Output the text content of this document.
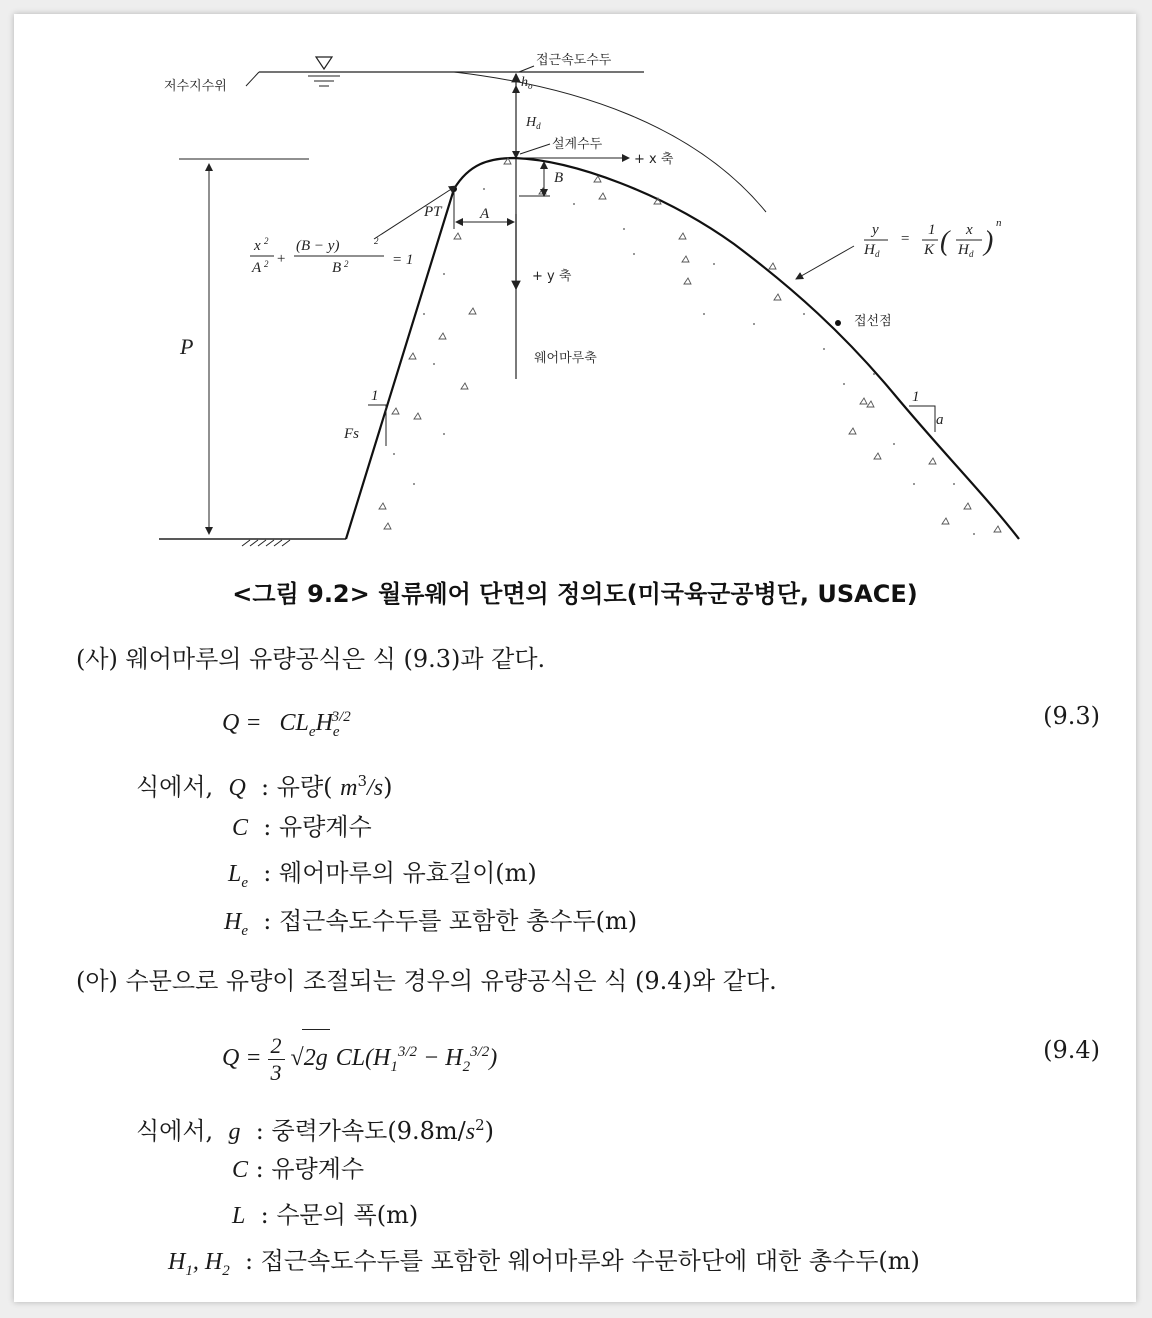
저수지수위
접근속도수두
$h_o$
$H_d$
설계수두
+ y 축
웨어마루축
+ x 축
P
PT	A
B
x 2
A 2 +
(B − y)	2
B 2	= 1
y
H d
=
1
K ( x
H d )
n
접선점
1
Fs
1
a
<그림 9.2> 월류웨어 단면의 정의도(미국육군공병단, USACE)
(사) 웨어마루의 유량공식은 식 (9.3)과 같다.
$Q = CL_eH_e^{3/2}$	(9.3)
식에서, Q  : 유량( $m^3/s$)
C  : 유량계수
$L_e$  : 웨어마루의 유효길이(m)
$H_e$  : 접근속도수두를 포함한 총수두(m)
(아) 수문으로 유량이 조절되는 경우의 유량공식은 식 (9.4)와 같다.
$Q = \frac{2}{3} √2g$ $CL(H_1^{3/2} - H_2^{3/2})$	(9.4)
식에서, g  : 중력가속도$(9.8m/s^2)$
C : 유량계수
L  : 수문의 폭(m)
$H_1$, $H_2$  : 접근속도수두를 포함한 웨어마루와 수문하단에 대한 총수두(m)
